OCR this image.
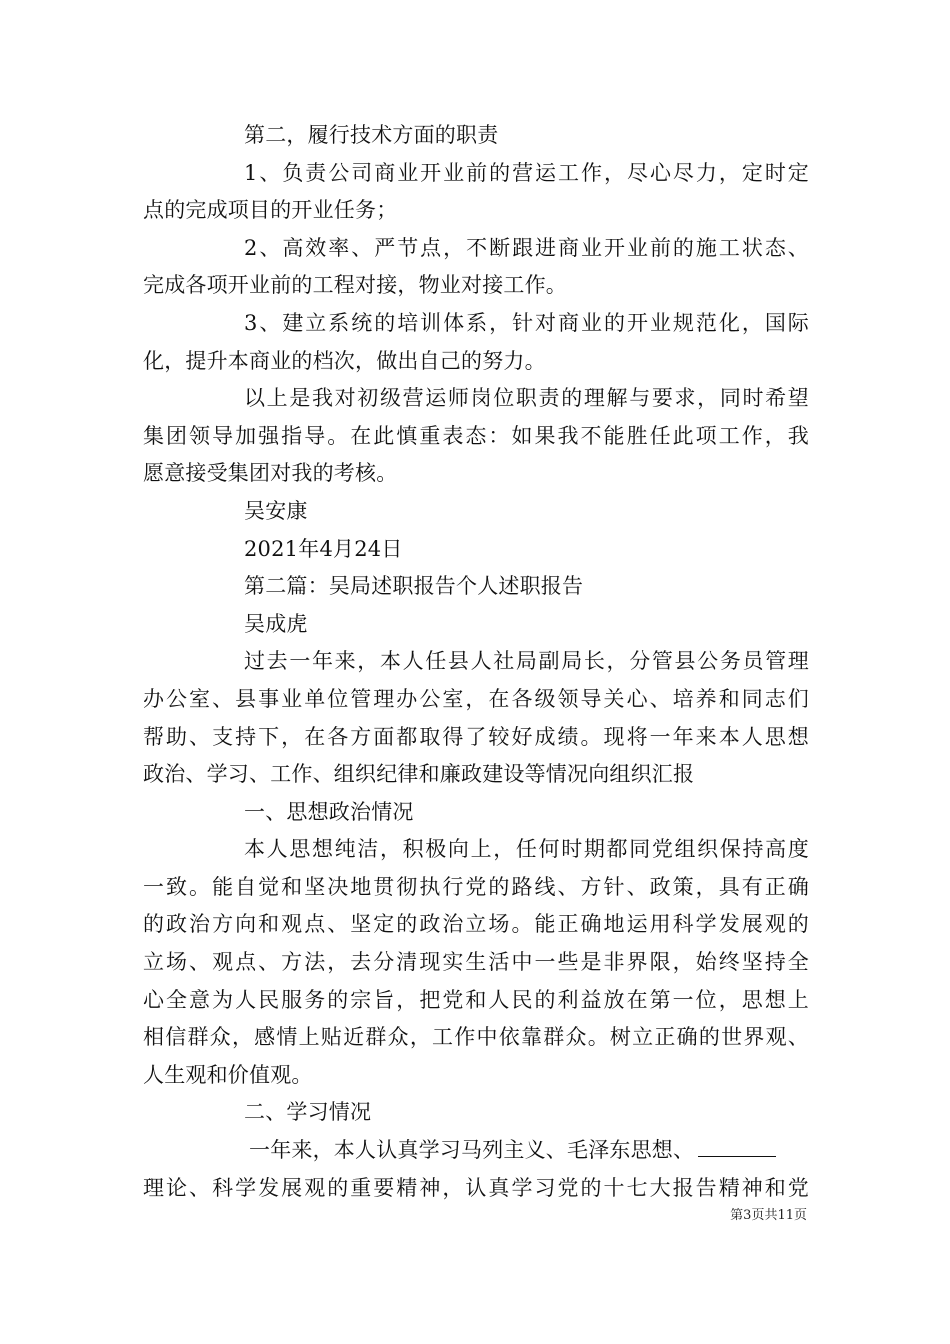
第二，履行技术方面的职责
1、负责公司商业开业前的营运工作，尽心尽力，定时定
点的完成项目的开业任务；
2、高效率、严节点，不断跟进商业开业前的施工状态、
完成各项开业前的工程对接，物业对接工作。
3、建立系统的培训体系，针对商业的开业规范化，国际
化，提升本商业的档次，做出自己的努力。
以上是我对初级营运师岗位职责的理解与要求，同时希望
集团领导加强指导。在此慎重表态：如果我不能胜任此项工作，我
愿意接受集团对我的考核。
吴安康
2021年4月24日
第二篇：吴局述职报告个人述职报告
吴成虎
过去一年来，本人任县人社局副局长，分管县公务员管理
办公室、县事业单位管理办公室，在各级领导关心、培养和同志们
帮助、支持下，在各方面都取得了较好成绩。现将一年来本人思想
政治、学习、工作、组织纪律和廉政建设等情况向组织汇报
一、思想政治情况
本人思想纯洁，积极向上，任何时期都同党组织保持高度
一致。能自觉和坚决地贯彻执行党的路线、方针、政策，具有正确
的政治方向和观点、坚定的政治立场。能正确地运用科学发展观的
立场、观点、方法，去分清现实生活中一些是非界限，始终坚持全
心全意为人民服务的宗旨，把党和人民的利益放在第一位，思想上
相信群众，感情上贴近群众，工作中依靠群众。树立正确的世界观、
人生观和价值观。
二、学习情况
一年来，本人认真学习马列主义、毛泽东思想、
理论、科学发展观的重要精神，认真学习党的十七大报告精神和党
第3页共11页
